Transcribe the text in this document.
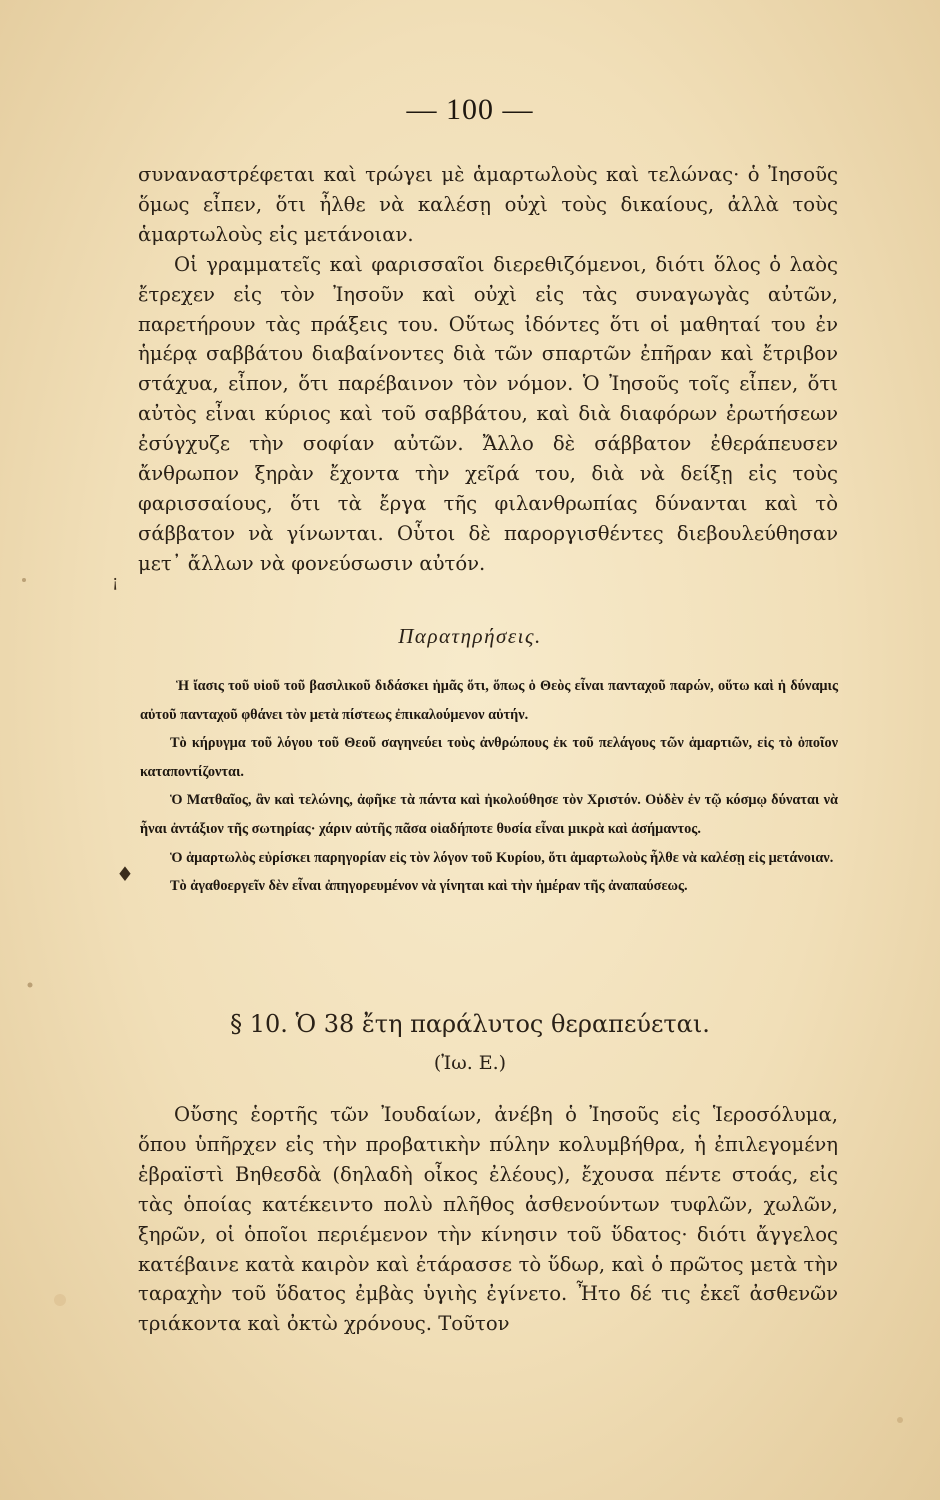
— 100 —

συναναστρέφεται καὶ τρώγει μὲ ἁμαρτωλοὺς καὶ τελώνας· ὁ Ἰησοῦς ὅμως εἶπεν, ὅτι ἦλθε νὰ καλέσῃ οὐχὶ τοὺς δικαίους, ἀλλὰ τοὺς ἁμαρτωλοὺς εἰς μετάνοιαν.

Οἱ γραμματεῖς καὶ φαρισσαῖοι διερεθιζόμενοι, διότι ὅλος ὁ λαὸς ἔτρεχεν εἰς τὸν Ἰησοῦν καὶ οὐχὶ εἰς τὰς συναγωγὰς αὐτῶν, παρετήρουν τὰς πράξεις του. Οὕτως ἰδόντες ὅτι οἱ μαθηταί του ἐν ἡμέρᾳ σαββάτου διαβαίνοντες διὰ τῶν σπαρτῶν ἐπῆραν καὶ ἔτριβον στάχυα, εἶπον, ὅτι παρέβαινον τὸν νόμον. Ὁ Ἰησοῦς τοῖς εἶπεν, ὅτι αὐτὸς εἶναι κύριος καὶ τοῦ σαββάτου, καὶ διὰ διαφόρων ἐρωτήσεων ἐσύγχυζε τὴν σοφίαν αὐτῶν. Ἄλλο δὲ σάββατον ἐθεράπευσεν ἄνθρωπον ξηρὰν ἔχοντα τὴν χεῖρά του, διὰ νὰ δείξῃ εἰς τοὺς φαρισσαίους, ὅτι τὰ ἔργα τῆς φιλανθρωπίας δύνανται καὶ τὸ σάββατον νὰ γίνωνται. Οὗτοι δὲ παροργισθέντες διεβουλεύθησαν μετ᾽ ἄλλων νὰ φονεύσωσιν αὐτόν.

¡
♦
Παρατηρήσεις.

Ἡ ἴασις τοῦ υἱοῦ τοῦ βασιλικοῦ διδάσκει ἡμᾶς ὅτι, ὅπως ὁ Θεὸς εἶναι πανταχοῦ παρών, οὕτω καὶ ἡ δύναμις αὐτοῦ πανταχοῦ φθάνει τὸν μετὰ πίστεως ἐπικαλούμενον αὐτήν.

Τὸ κήρυγμα τοῦ λόγου τοῦ Θεοῦ σαγηνεύει τοὺς ἀνθρώπους ἐκ τοῦ πελάγους τῶν ἁμαρτιῶν, εἰς τὸ ὁποῖον καταποντίζονται.

Ὁ Ματθαῖος, ἂν καὶ τελώνης, ἀφῆκε τὰ πάντα καὶ ἠκολούθησε τὸν Χριστόν. Οὐδὲν ἐν τῷ κόσμῳ δύναται νὰ ἦναι ἀντάξιον τῆς σωτηρίας· χάριν αὐτῆς πᾶσα οἱαδήποτε θυσία εἶναι μικρὰ καὶ ἀσήμαντος.

Ὁ ἁμαρτωλὸς εὑρίσκει παρηγορίαν εἰς τὸν λόγον τοῦ Κυρίου, ὅτι ἁμαρτωλοὺς ἦλθε νὰ καλέσῃ εἰς μετάνοιαν.

Τὸ ἀγαθοεργεῖν δὲν εἶναι ἀπηγορευμένον νὰ γίνηται καὶ τὴν ἡμέραν τῆς ἀναπαύσεως.

§ 10. Ὁ 38 ἔτη παράλυτος θεραπεύεται.
(Ἰω. Ε.)

Οὔσης ἑορτῆς τῶν Ἰουδαίων, ἀνέβη ὁ Ἰησοῦς εἰς Ἱεροσόλυμα, ὅπου ὑπῆρχεν εἰς τὴν προβατικὴν πύλην κολυμβήθρα, ἡ ἐπιλεγομένη ἑβραϊστὶ Βηθεσδὰ (δηλαδὴ οἶκος ἐλέους), ἔχουσα πέντε στοάς, εἰς τὰς ὁποίας κατέκειντο πολὺ πλῆθος ἀσθενούντων τυφλῶν, χωλῶν, ξηρῶν, οἱ ὁποῖοι περιέμενον τὴν κίνησιν τοῦ ὕδατος· διότι ἄγγελος κατέβαινε κατὰ καιρὸν καὶ ἐτάρασσε τὸ ὕδωρ, καὶ ὁ πρῶτος μετὰ τὴν ταραχὴν τοῦ ὕδατος ἐμβὰς ὑγιὴς ἐγίνετο. Ἦτο δέ τις ἐκεῖ ἀσθενῶν τριάκοντα καὶ ὀκτὼ χρόνους. Τοῦτον
